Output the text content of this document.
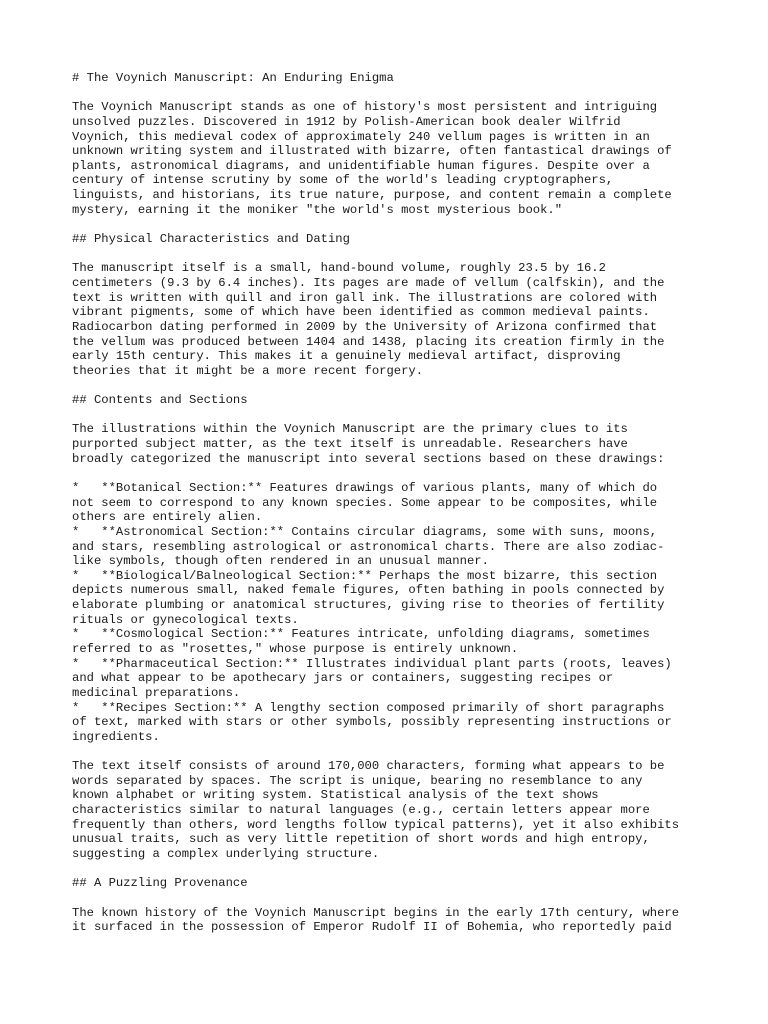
# The Voynich Manuscript: An Enduring Enigma
The Voynich Manuscript stands as one of history's most persistent and intriguing
unsolved puzzles. Discovered in 1912 by Polish-American book dealer Wilfrid
Voynich, this medieval codex of approximately 240 vellum pages is written in an
unknown writing system and illustrated with bizarre, often fantastical drawings of
plants, astronomical diagrams, and unidentifiable human figures. Despite over a
century of intense scrutiny by some of the world's leading cryptographers,
linguists, and historians, its true nature, purpose, and content remain a complete
mystery, earning it the moniker "the world's most mysterious book."
## Physical Characteristics and Dating
The manuscript itself is a small, hand-bound volume, roughly 23.5 by 16.2
centimeters (9.3 by 6.4 inches). Its pages are made of vellum (calfskin), and the
text is written with quill and iron gall ink. The illustrations are colored with
vibrant pigments, some of which have been identified as common medieval paints.
Radiocarbon dating performed in 2009 by the University of Arizona confirmed that
the vellum was produced between 1404 and 1438, placing its creation firmly in the
early 15th century. This makes it a genuinely medieval artifact, disproving
theories that it might be a more recent forgery.
## Contents and Sections
The illustrations within the Voynich Manuscript are the primary clues to its
purported subject matter, as the text itself is unreadable. Researchers have
broadly categorized the manuscript into several sections based on these drawings:
*   **Botanical Section:** Features drawings of various plants, many of which do
not seem to correspond to any known species. Some appear to be composites, while
others are entirely alien.
*   **Astronomical Section:** Contains circular diagrams, some with suns, moons,
and stars, resembling astrological or astronomical charts. There are also zodiac-
like symbols, though often rendered in an unusual manner.
*   **Biological/Balneological Section:** Perhaps the most bizarre, this section
depicts numerous small, naked female figures, often bathing in pools connected by
elaborate plumbing or anatomical structures, giving rise to theories of fertility
rituals or gynecological texts.
*   **Cosmological Section:** Features intricate, unfolding diagrams, sometimes
referred to as "rosettes," whose purpose is entirely unknown.
*   **Pharmaceutical Section:** Illustrates individual plant parts (roots, leaves)
and what appear to be apothecary jars or containers, suggesting recipes or
medicinal preparations.
*   **Recipes Section:** A lengthy section composed primarily of short paragraphs
of text, marked with stars or other symbols, possibly representing instructions or
ingredients.
The text itself consists of around 170,000 characters, forming what appears to be
words separated by spaces. The script is unique, bearing no resemblance to any
known alphabet or writing system. Statistical analysis of the text shows
characteristics similar to natural languages (e.g., certain letters appear more
frequently than others, word lengths follow typical patterns), yet it also exhibits
unusual traits, such as very little repetition of short words and high entropy,
suggesting a complex underlying structure.
## A Puzzling Provenance
The known history of the Voynich Manuscript begins in the early 17th century, where
it surfaced in the possession of Emperor Rudolf II of Bohemia, who reportedly paid
